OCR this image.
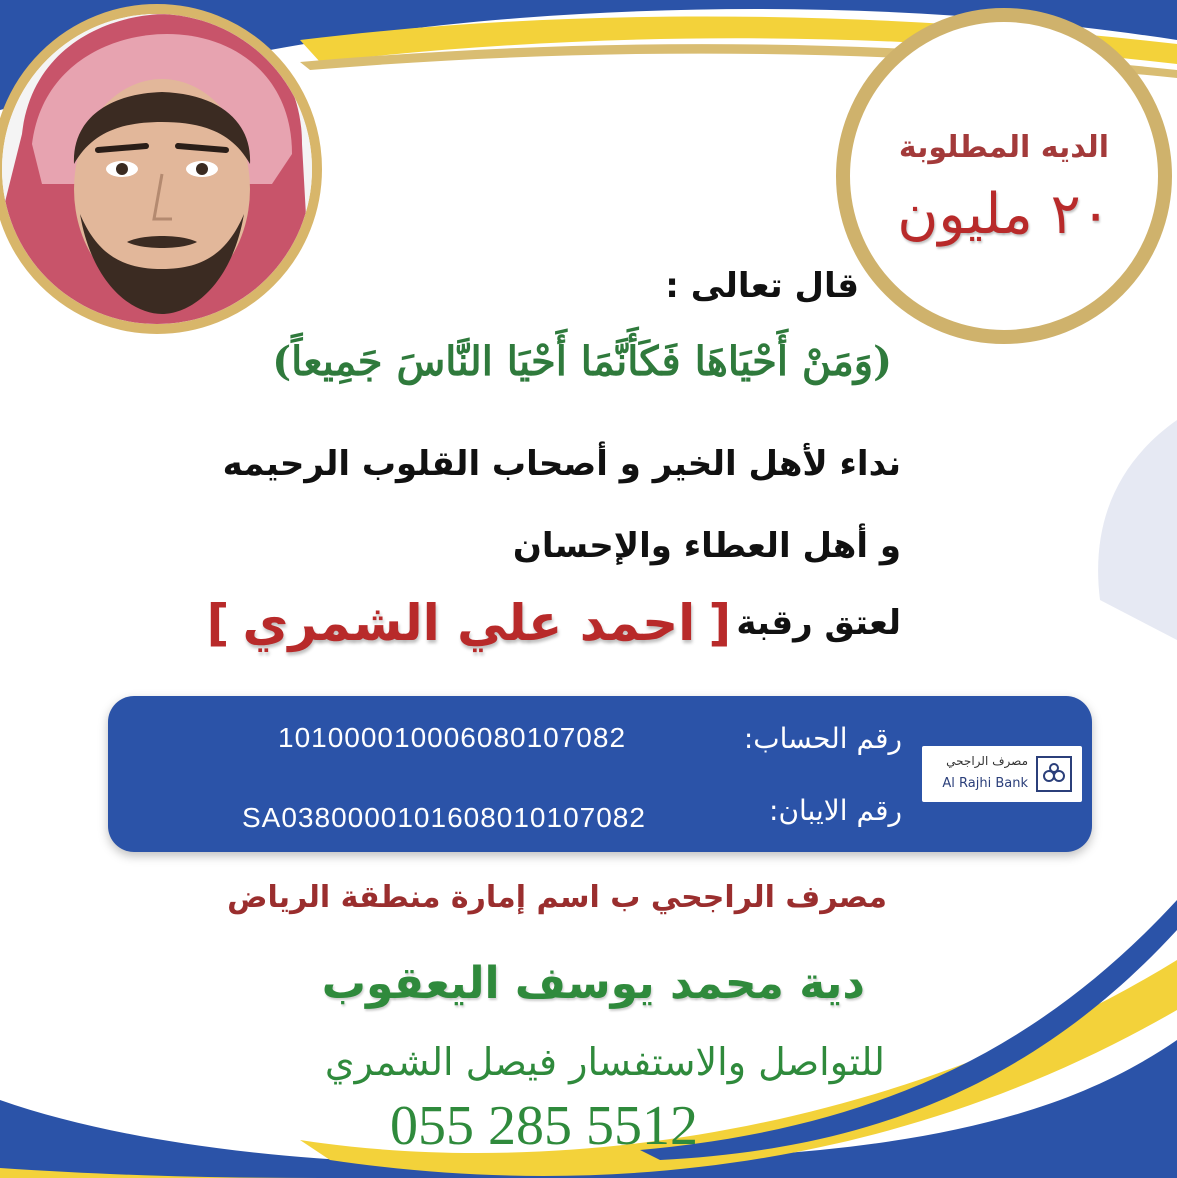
الديه المطلوبة
٢٠ مليون
قال تعالى :
(وَمَنْ أَحْيَاهَا فَكَأَنَّمَا أَحْيَا النَّاسَ جَمِيعاً)
نداء لأهل الخير و أصحاب القلوب الرحيمه
و أهل العطاء والإحسان
لعتق رقبة [ احمد علي الشمري ]
مصرف الراجحي
Al Rajhi Bank
رقم الحساب:
101000010006080107082
رقم الايبان:
SA0380000101608010107082
مصرف الراجحي ب اسم إمارة منطقة الرياض
دية محمد يوسف اليعقوب
للتواصل والاستفسار فيصل الشمري
055 285 5512
